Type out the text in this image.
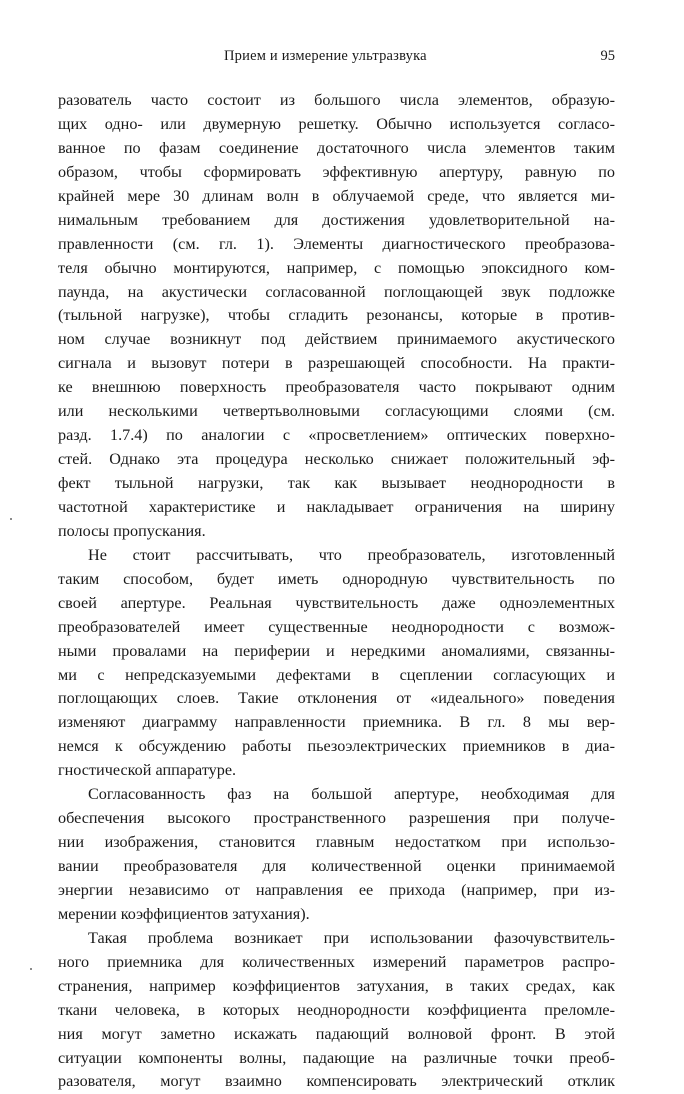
Прием и измерение ультразвука	95
разователь часто состоит из большого числа элементов, образую-
щих одно- или двумерную решетку. Обычно используется согласо-
ванное по фазам соединение достаточного числа элементов таким
образом, чтобы сформировать эффективную апертуру, равную по
крайней мере 30 длинам волн в облучаемой среде, что является ми-
нимальным требованием для достижения удовлетворительной на-
правленности (см. гл. 1). Элементы диагностического преобразова-
теля обычно монтируются, например, с помощью эпоксидного ком-
паунда, на акустически согласованной поглощающей звук подложке
(тыльной нагрузке), чтобы сгладить резонансы, которые в против-
ном случае возникнут под действием принимаемого акустического
сигнала и вызовут потери в разрешающей способности. На практи-
ке внешнюю поверхность преобразователя часто покрывают одним
или несколькими четвертьволновыми согласующими слоями (см.
разд. 1.7.4) по аналогии с «просветлением» оптических поверхно-
стей. Однако эта процедура несколько снижает положительный эф-
фект тыльной нагрузки, так как вызывает неоднородности в
частотной характеристике и накладывает ограничения на ширину
полосы пропускания.
Не стоит рассчитывать, что преобразователь, изготовленный
таким способом, будет иметь однородную чувствительность по
своей апертуре. Реальная чувствительность даже одноэлементных
преобразователей имеет существенные неоднородности с возмож-
ными провалами на периферии и нередкими аномалиями, связанны-
ми с непредсказуемыми дефектами в сцеплении согласующих и
поглощающих слоев. Такие отклонения от «идеального» поведения
изменяют диаграмму направленности приемника. В гл. 8 мы вер-
немся к обсуждению работы пьезоэлектрических приемников в диа-
гностической аппаратуре.
Согласованность фаз на большой апертуре, необходимая для
обеспечения высокого пространственного разрешения при получе-
нии изображения, становится главным недостатком при использо-
вании преобразователя для количественной оценки принимаемой
энергии независимо от направления ее прихода (например, при из-
мерении коэффициентов затухания).
Такая проблема возникает при использовании фазочувствитель-
ного приемника для количественных измерений параметров распро-
странения, например коэффициентов затухания, в таких средах, как
ткани человека, в которых неоднородности коэффициента преломле-
ния могут заметно искажать падающий волновой фронт. В этой
ситуации компоненты волны, падающие на различные точки преоб-
разователя, могут взаимно компенсировать электрический отклик
